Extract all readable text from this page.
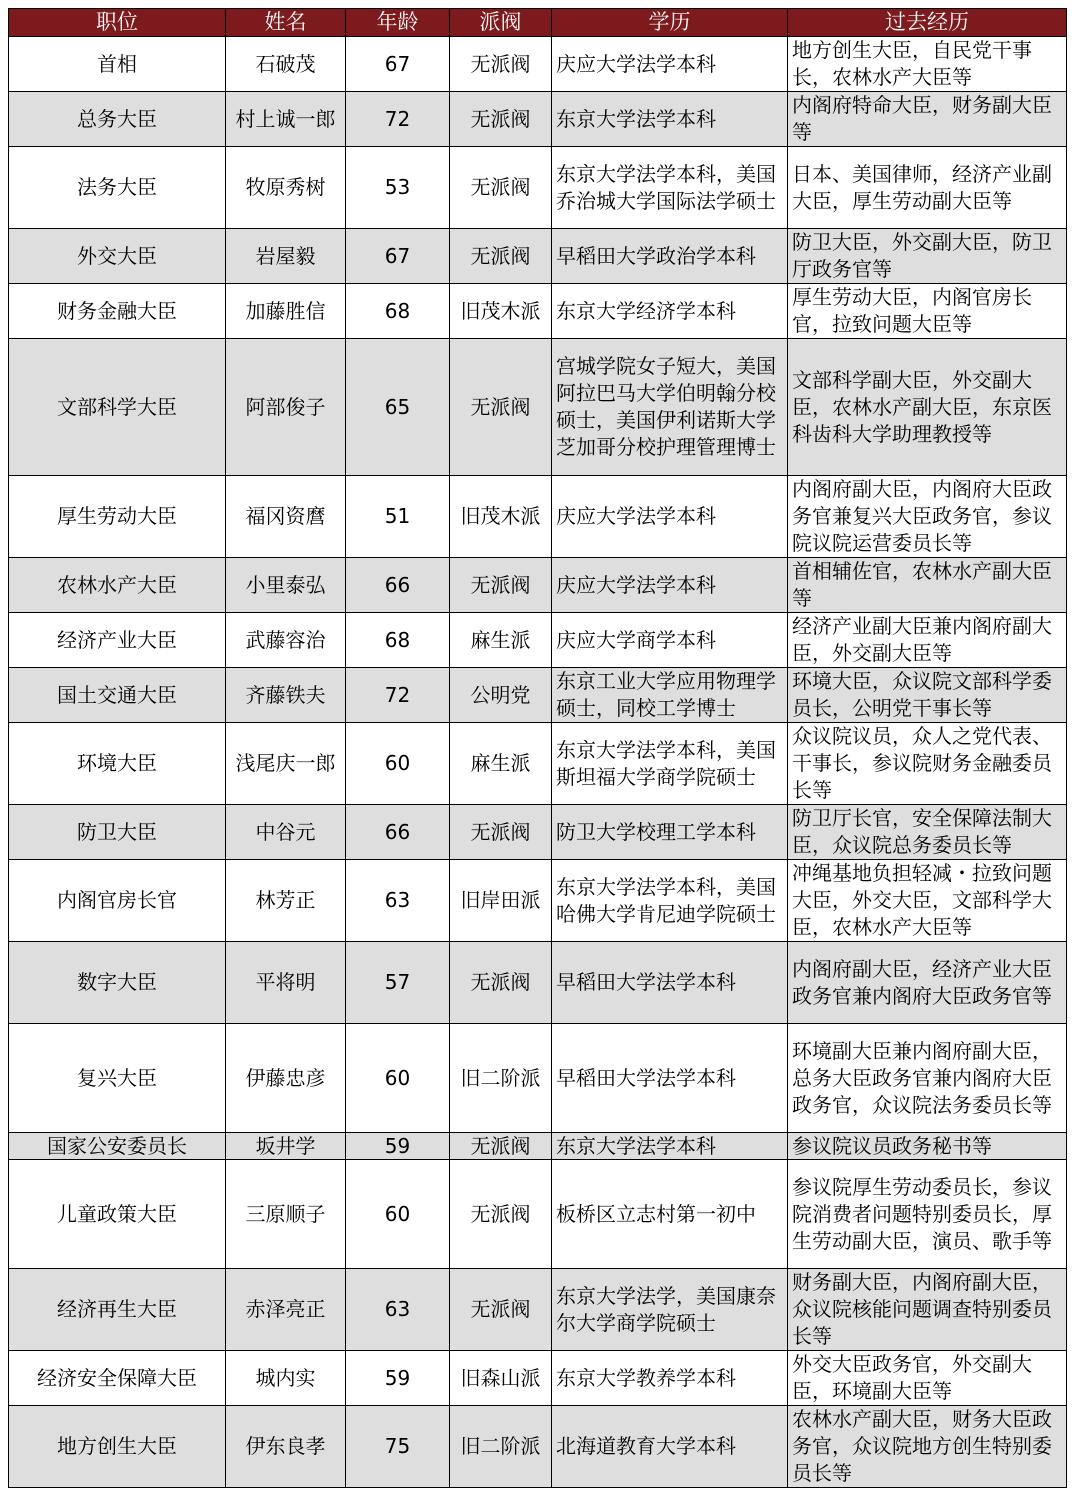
职位	姓名	年龄	派阀	学历	过去经历
首相	石破茂	67	无派阀	庆应大学法学本科	地方创生大臣，自民党干事长，农林水产大臣等
总务大臣	村上诚一郎	72	无派阀	东京大学法学本科	内阁府特命大臣，财务副大臣等
法务大臣	牧原秀树	53	无派阀	东京大学法学本科，美国乔治城大学国际法学硕士	日本、美国律师，经济产业副大臣，厚生劳动副大臣等
外交大臣	岩屋毅	67	无派阀	早稻田大学政治学本科	防卫大臣，外交副大臣，防卫厅政务官等
财务金融大臣	加藤胜信	68	旧茂木派	东京大学经济学本科	厚生劳动大臣，内阁官房长官，拉致问题大臣等
文部科学大臣	阿部俊子	65	无派阀	宫城学院女子短大，美国阿拉巴马大学伯明翰分校硕士，美国伊利诺斯大学芝加哥分校护理管理博士	文部科学副大臣，外交副大臣，农林水产副大臣，东京医科齿科大学助理教授等
厚生劳动大臣	福冈资麿	51	旧茂木派	庆应大学法学本科	内阁府副大臣，内阁府大臣政务官兼复兴大臣政务官，参议院议院运营委员长等
农林水产大臣	小里泰弘	66	无派阀	庆应大学法学本科	首相辅佐官，农林水产副大臣等
经济产业大臣	武藤容治	68	麻生派	庆应大学商学本科	经济产业副大臣兼内阁府副大臣，外交副大臣等
国土交通大臣	齐藤铁夫	72	公明党	东京工业大学应用物理学硕士，同校工学博士	环境大臣，众议院文部科学委员长，公明党干事长等
环境大臣	浅尾庆一郎	60	麻生派	东京大学法学本科，美国斯坦福大学商学院硕士	众议院议员，众人之党代表、干事长，参议院财务金融委员长等
防卫大臣	中谷元	66	无派阀	防卫大学校理工学本科	防卫厅长官，安全保障法制大臣，众议院总务委员长等
内阁官房长官	林芳正	63	旧岸田派	东京大学法学本科，美国哈佛大学肯尼迪学院硕士	冲绳基地负担轻减・拉致问题大臣，外交大臣，文部科学大臣，农林水产大臣等
数字大臣	平将明	57	无派阀	早稻田大学法学本科	内阁府副大臣，经济产业大臣政务官兼内阁府大臣政务官等
复兴大臣	伊藤忠彦	60	旧二阶派	早稻田大学法学本科	环境副大臣兼内阁府副大臣，总务大臣政务官兼内阁府大臣政务官，众议院法务委员长等
国家公安委员长	坂井学	59	无派阀	东京大学法学本科	参议院议员政务秘书等
儿童政策大臣	三原顺子	60	无派阀	板桥区立志村第一初中	参议院厚生劳动委员长，参议院消费者问题特别委员长，厚生劳动副大臣，演员、歌手等
经济再生大臣	赤泽亮正	63	无派阀	东京大学法学，美国康奈尔大学商学院硕士	财务副大臣，内阁府副大臣，众议院核能问题调查特别委员长等
经济安全保障大臣	城内实	59	旧森山派	东京大学教养学本科	外交大臣政务官，外交副大臣，环境副大臣等
地方创生大臣	伊东良孝	75	旧二阶派	北海道教育大学本科	农林水产副大臣，财务大臣政务官，众议院地方创生特别委员长等
